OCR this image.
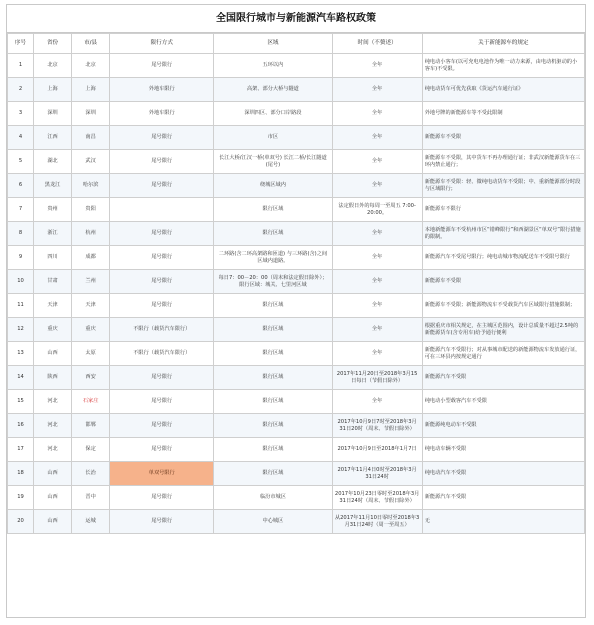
全国限行城市与新能源汽车路权政策
序号	省份	市/县	限行方式	区域	时间（不赘述）	关于新能源车的规定
1	北京	北京	尾号限行	五环以内	全年	纯电动小客车(以可充电电池作为唯一动力来源，由电动机驱动的小客车)不受限。
2	上海	上海	外地车限行	高架、部分大桥与隧道	全年	纯电动货车可优先获取《货运汽车通行证》
3	深圳	深圳	外地车限行	深圳四区、部分口岸路段	全年	外地号牌的新能源车等不受此限制
4	江西	南昌	尾号限行	市区	全年	新能源车不受限
5	湖北	武汉	尾号限行	长江大桥/江汉一桥(单双号) 长江二桥/长江隧道(尾号)	全年	新能源车不受限，其中货车不再办理通行证；非武汉新能源货车在三环内禁止通行；
6	黑龙江	哈尔滨	尾号限行	绕城区域内	全年	新能源车不受限：轻、微纯电动货车不受限；中、重新能源部分时段与区域限行；
7	贵州	贵阳		限行区域	法定假日外的每周一至周五 7:00-20:00。	新能源车不限行
8	浙江	杭州	尾号限行	限行区域	全年	本地新能源车不受杭州市区“错峰限行”和西湖景区“单双号”限行措施的限制。
9	四川	成都	尾号限行	二环路(含二环高架路和匝道) 与三环路(含)之间区域内道路。	全年	新能源汽车不受尾号限行；纯电动城市物流配送车不受限号限行
10	甘肃	兰州	尾号限行	每日7：00－20：00（周末和法定假日除外）；限行区域：城关、七里河区域	全年	新能源车不受限
11	天津	天津	尾号限行	限行区域	全年	新能源车不受限；新能源物流车不受载货汽车区域限行措施限制；
12	重庆	重庆	不限行（载货汽车限行）	限行区域	全年	根据重庆市相关规定，在主城区范围内，设计总质量不超过2.5吨的新能源货车(含专用车)给予通行便利
13	山西	太原	不限行（载货汽车限行）	限行区域	全年	新能源汽车不受限行；对从事城市配送的新能源物流车发放通行证，可在三环县内按规定通行
14	陕西	西安	尾号限行	限行区域	2017年11月20日至2018年3月15日每日（节假日除外）	新能源汽车不受限
15	河北	石家庄	尾号限行	限行区域	全年	纯电动小型载客汽车不受限
16	河北	邯郸	尾号限行	限行区域	2017年10月9日7时至2018年3月31日20时（周末、节假日除外）	新能源纯电动车不受限
17	河北	保定	尾号限行	限行区域	2017年10月9日至2018年1月7日	纯电动车辆不受限
18	山西	长治	单双号限行	限行区域	2017年11月4日0时至2018年3月31日24时	纯电动汽车不受限
19	山西	晋中	尾号限行	临汾市城区	2017年10月23日零时至2018年3月31日24时（周末、节假日除外）	新能源汽车不受限
20	山西	运城	尾号限行	中心城区	从2017年11月10日零时至2018年3月31日24时（周一至周五）	无
